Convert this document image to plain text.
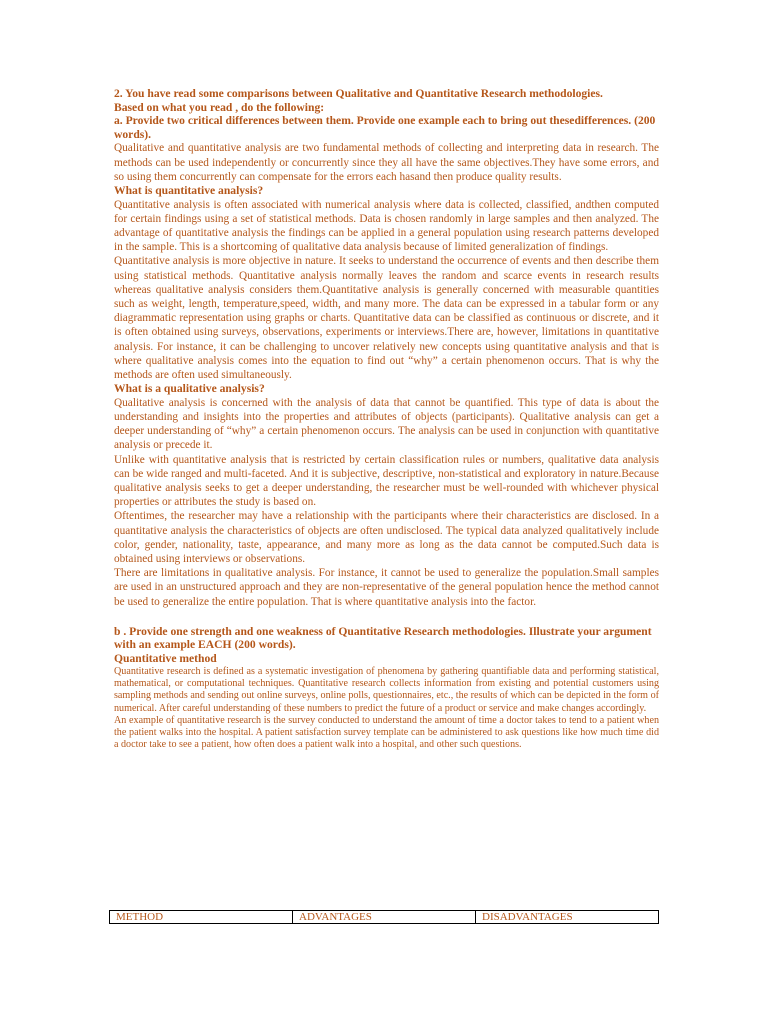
2. You have read some comparisons between Qualitative and Quantitative Research methodologies.

Based on what you read , do the following:

a. Provide two critical differences between them. Provide one example each to bring out thesedifferences. (200 words).

Qualitative and quantitative analysis are two fundamental methods of collecting and interpreting data in research. The methods can be used independently or concurrently since they all have the same objectives.They have some errors, and so using them concurrently can compensate for the errors each hasand then produce quality results.

What is quantitative analysis?

Quantitative analysis is often associated with numerical analysis where data is collected, classified, andthen computed for certain findings using a set of statistical methods. Data is chosen randomly in large samples and then analyzed. The advantage of quantitative analysis the findings can be applied in a general population using research patterns developed in the sample. This is a shortcoming of qualitative data analysis because of limited generalization of findings.

Quantitative analysis is more objective in nature. It seeks to understand the occurrence of events and then describe them using statistical methods. Quantitative analysis normally leaves the random and scarce events in research results whereas qualitative analysis considers them.Quantitative analysis is generally concerned with measurable quantities such as weight, length, temperature,speed, width, and many more. The data can be expressed in a tabular form or any diagrammatic representation using graphs or charts. Quantitative data can be classified as continuous or discrete, and it is often obtained using surveys, observations, experiments or interviews.There are, however, limitations in quantitative analysis. For instance, it can be challenging to uncover relatively new concepts using quantitative analysis and that is where qualitative analysis comes into the equation to find out “why” a certain phenomenon occurs. That is why the methods are often used simultaneously.

What is a qualitative analysis?

Qualitative analysis is concerned with the analysis of data that cannot be quantified. This type of data is about the understanding and insights into the properties and attributes of objects (participants). Qualitative analysis can get a deeper understanding of “why” a certain phenomenon occurs. The analysis can be used in conjunction with quantitative analysis or precede it.

Unlike with quantitative analysis that is restricted by certain classification rules or numbers, qualitative data analysis can be wide ranged and multi-faceted. And it is subjective, descriptive, non-statistical and exploratory in nature.Because qualitative analysis seeks to get a deeper understanding, the researcher must be well-rounded with whichever physical properties or attributes the study is based on.

Oftentimes, the researcher may have a relationship with the participants where their characteristics are disclosed. In a quantitative analysis the characteristics of objects are often undisclosed. The typical data analyzed qualitatively include color, gender, nationality, taste, appearance, and many more as long as the data cannot be computed.Such data is obtained using interviews or observations.

There are limitations in qualitative analysis. For instance, it cannot be used to generalize the population.Small samples are used in an unstructured approach and they are non-representative of the general population hence the method cannot be used to generalize the entire population. That is where quantitative analysis into the factor.

b . Provide one strength and one weakness of Quantitative Research methodologies. Illustrate your argument with an example EACH (200 words).

Quantitative method

Quantitative research is defined as a systematic investigation of phenomena by gathering quantifiable data and performing statistical, mathematical, or computational techniques. Quantitative research collects information from existing and potential customers using sampling methods and sending out online surveys, online polls, questionnaires, etc., the results of which can be depicted in the form of numerical. After careful understanding of these numbers to predict the future of a product or service and make changes accordingly.

An example of quantitative research is the survey conducted to understand the amount of time a doctor takes to tend to a patient when the patient walks into the hospital. A patient satisfaction survey template can be administered to ask questions like how much time did a doctor take to see a patient, how often does a patient walk into a hospital, and other such questions.

METHOD	ADVANTAGES	DISADVANTAGES
